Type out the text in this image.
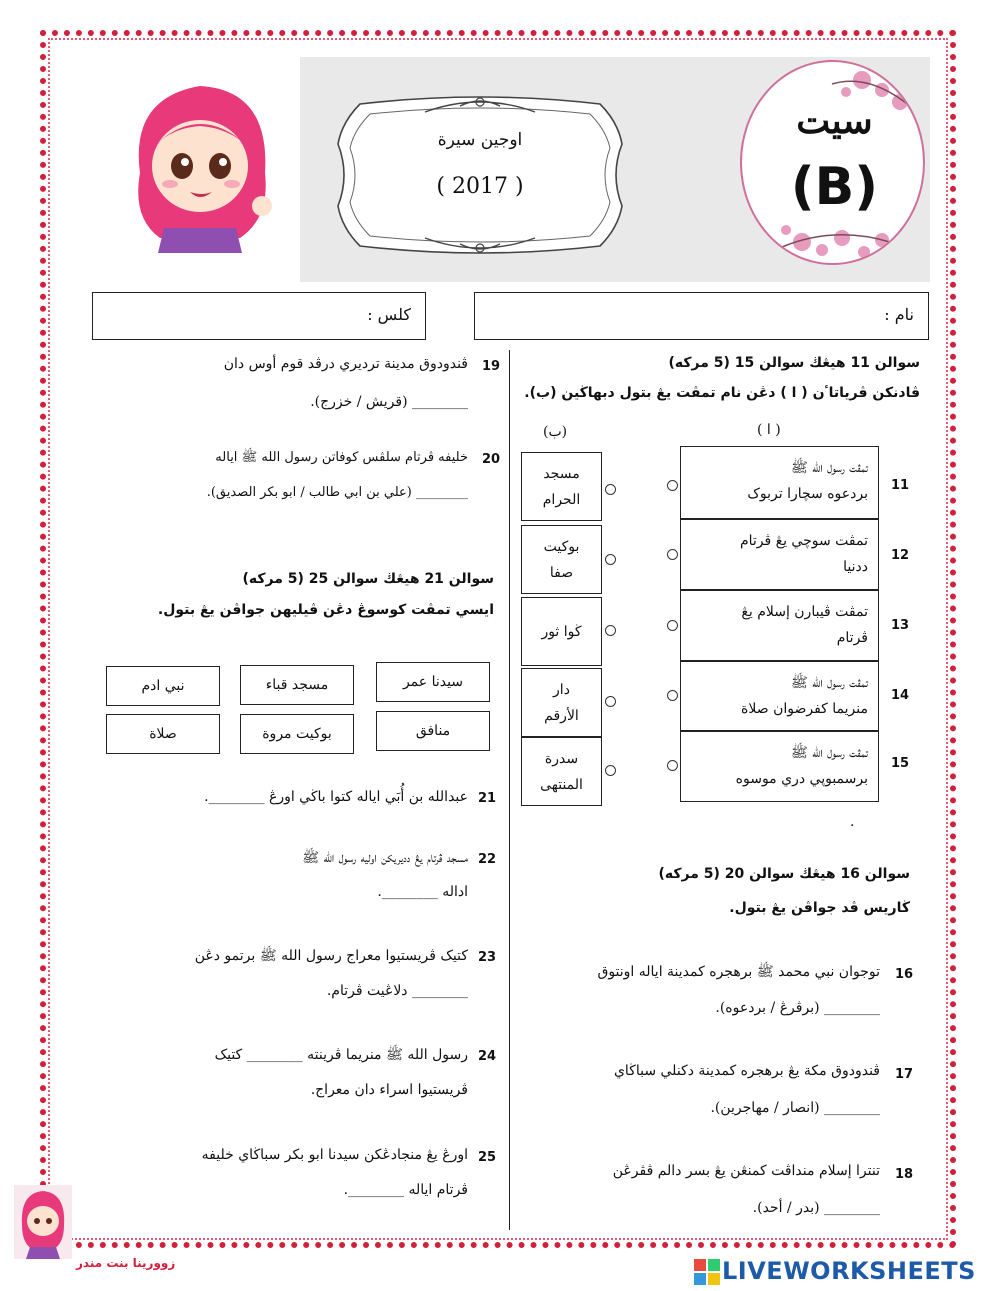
اوجين سيرة
( 2017 )
سيت
(B)
نام :
كلس :
سوالن 11 هيڠڬ سوالن 15 (5 مركه)
ڤادنكن ڤرياتاٴن ( ا ) دڠن نام تمڤت يڠ بتول دبهاڬين (ب).
( ا )
(ب)
11
تمڤت رسول الله ﷺ
بردعوه سچارا تربوک
12
تمڤت سوچي يڠ ڤرتام
ددنيا
13
تمڤت ڤيبارن إسلام يڠ
ڤرتام
14
تمڤت رسول الله ﷺ
منريما كفرضوان صلاة
15
تمڤت رسول الله ﷺ
برسمبوڽي دري موسوه
مسجد
الحرام
بوكيت
صفا
ڬوا ثور
دار
الأرقم
سدرة
المنتهى
.
سوالن 16 هيڠڬ سوالن 20 (5 مركه)
ڬاريس ڤد جواڤن يڠ بتول.
16
توجوان نبي محمد ﷺ برهجره كمدينة اياله اونتوق
________ (برڤرڠ / بردعوه).
17
ڤندودوق مكة يڠ برهجره كمدينة دكنلي سباڬاي
________ (انصار / مهاجرين).
18
تنترا إسلام منداڤت كمنڠن يڠ بسر دالم ڤڤرڠن
________ (بدر / أحد).
19
ڤندودوق مدينة ترديري درڤد قوم أوس دان
________ (قريش / خزرج).
20
خليفه ڤرتام سلڤس كوفاتن رسول الله ﷺ اياله
________ (علي بن ابي طالب / ابو بكر الصديق).
سوالن 21 هيڠڬ سوالن 25 (5 مركه)
ايسي تمڤت كوسوڠ دڠن ڤيليهن جواڤن يڠ بتول.
سيدنا عمر
مسجد قباء
نبي ادم
منافق
بوكيت مروة
صلاة
21
عبدالله بن أُبَي اياله كتوا باڬي اورڠ ________.
22
مسجد ڤرتام يڠ دديريكن اوليه رسول الله ﷺ
اداله ________.
23
كتيک ڤريستيوا معراج رسول الله ﷺ برتمو دڠن
________ دلاڠيت ڤرتام.
24
رسول الله ﷺ منريما ڤرينته ________ كتيک
ڤريستيوا اسراء دان معراج.
25
اورڠ يڠ منجادڠكن سيدنا ابو بكر سباڬاي خليفه
ڤرتام اياله ________.
زوورينا بنت مندر	LIVEWORKSHEETS
